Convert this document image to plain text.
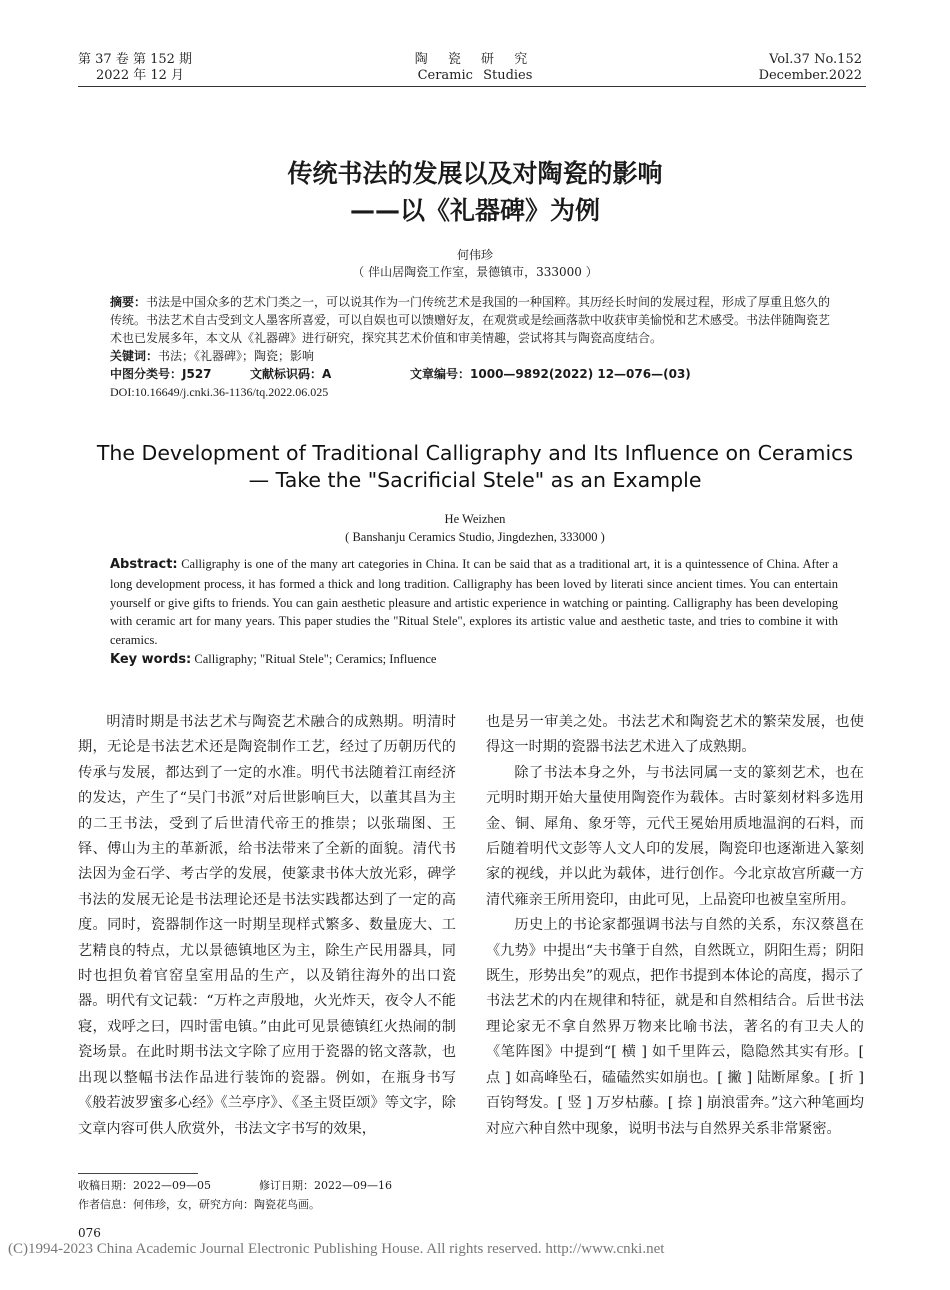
第 37 卷 第 152 期
2022 年 12 月
陶 瓷 研 究
Ceramic Studies
Vol.37 No.152
December.2022
传统书法的发展以及对陶瓷的影响
——以《礼器碑》为例
何伟珍
（ 伴山居陶瓷工作室，景德镇市，333000 ）

摘要：书法是中国众多的艺术门类之一，可以说其作为一门传统艺术是我国的一种国粹。其历经长时间的发展过程，形成了厚重且悠久的传统。书法艺术自古受到文人墨客所喜爱，可以自娱也可以馈赠好友，在观赏或是绘画落款中收获审美愉悦和艺术感受。书法伴随陶瓷艺术也已发展多年，本文从《礼器碑》进行研究，探究其艺术价值和审美情趣，尝试将其与陶瓷高度结合。

关键词：书法；《礼器碑》；陶瓷；影响

中图分类号：J527	文献标识码：A	文章编号：1000—9892(2022) 12—076—(03)

DOI:10.16649/j.cnki.36-1136/tq.2022.06.025

The Development of Traditional Calligraphy and Its Influence on Ceramics
— Take the "Sacrificial Stele" as an Example
He Weizhen
( Banshanju Ceramics Studio, Jingdezhen, 333000 )
Abstract: Calligraphy is one of the many art categories in China. It can be said that as a traditional art, it is a quintessence of China. After a long development process, it has formed a thick and long tradition. Calligraphy has been loved by literati since ancient times. You can entertain yourself or give gifts to friends. You can gain aesthetic pleasure and artistic experience in watching or painting. Calligraphy has been developing with ceramic art for many years. This paper studies the "Ritual Stele", explores its artistic value and aesthetic taste, and tries to combine it with ceramics.
Key words: Calligraphy; "Ritual Stele"; Ceramics; Influence

明清时期是书法艺术与陶瓷艺术融合的成熟期。明清时期，无论是书法艺术还是陶瓷制作工艺，经过了历朝历代的传承与发展，都达到了一定的水准。明代书法随着江南经济的发达，产生了“吴门书派”对后世影响巨大，以董其昌为主的二王书法，受到了后世清代帝王的推崇；以张瑞图、王铎、傅山为主的革新派，给书法带来了全新的面貌。清代书法因为金石学、考古学的发展，使篆隶书体大放光彩，碑学书法的发展无论是书法理论还是书法实践都达到了一定的高度。同时，瓷器制作这一时期呈现样式繁多、数量庞大、工艺精良的特点，尤以景德镇地区为主，除生产民用器具，同时也担负着官窑皇室用品的生产，以及销往海外的出口瓷器。明代有文记载：“万杵之声殷地，火光炸天，夜令人不能寝，戏呼之曰，四时雷电镇。”由此可见景德镇红火热闹的制瓷场景。在此时期书法文字除了应用于瓷器的铭文落款，也出现以整幅书法作品进行装饰的瓷器。例如，在瓶身书写《般若波罗蜜多心经》《兰亭序》、《圣主贤臣颂》等文字，除文章内容可供人欣赏外，书法文字书写的效果，

也是另一审美之处。书法艺术和陶瓷艺术的繁荣发展，也使得这一时期的瓷器书法艺术进入了成熟期。

除了书法本身之外，与书法同属一支的篆刻艺术，也在元明时期开始大量使用陶瓷作为载体。古时篆刻材料多选用金、铜、犀角、象牙等，元代王冕始用质地温润的石料，而后随着明代文彭等人文人印的发展，陶瓷印也逐渐进入篆刻家的视线，并以此为载体，进行创作。今北京故宫所藏一方清代雍亲王所用瓷印，由此可见，上品瓷印也被皇室所用。

历史上的书论家都强调书法与自然的关系，东汉蔡邕在《九势》中提出“夫书肇于自然，自然既立，阴阳生焉；阴阳既生，形势出矣”的观点，把作书提到本体论的高度，揭示了书法艺术的内在规律和特征，就是和自然相结合。后世书法理论家无不拿自然界万物来比喻书法，著名的有卫夫人的《笔阵图》中提到“[ 横 ] 如千里阵云，隐隐然其实有形。[ 点 ] 如高峰坠石，磕磕然实如崩也。[ 撇 ] 陆断犀象。[ 折 ] 百钧弩发。[ 竖 ] 万岁枯藤。[ 捺 ] 崩浪雷奔。”这六种笔画均对应六种自然中现象，说明书法与自然界关系非常紧密。

收稿日期：2022—09—05	修订日期：2022—09—16
作者信息：何伟珍，女，研究方向：陶瓷花鸟画。
076
(C)1994-2023 China Academic Journal Electronic Publishing House. All rights reserved. http://www.cnki.net
